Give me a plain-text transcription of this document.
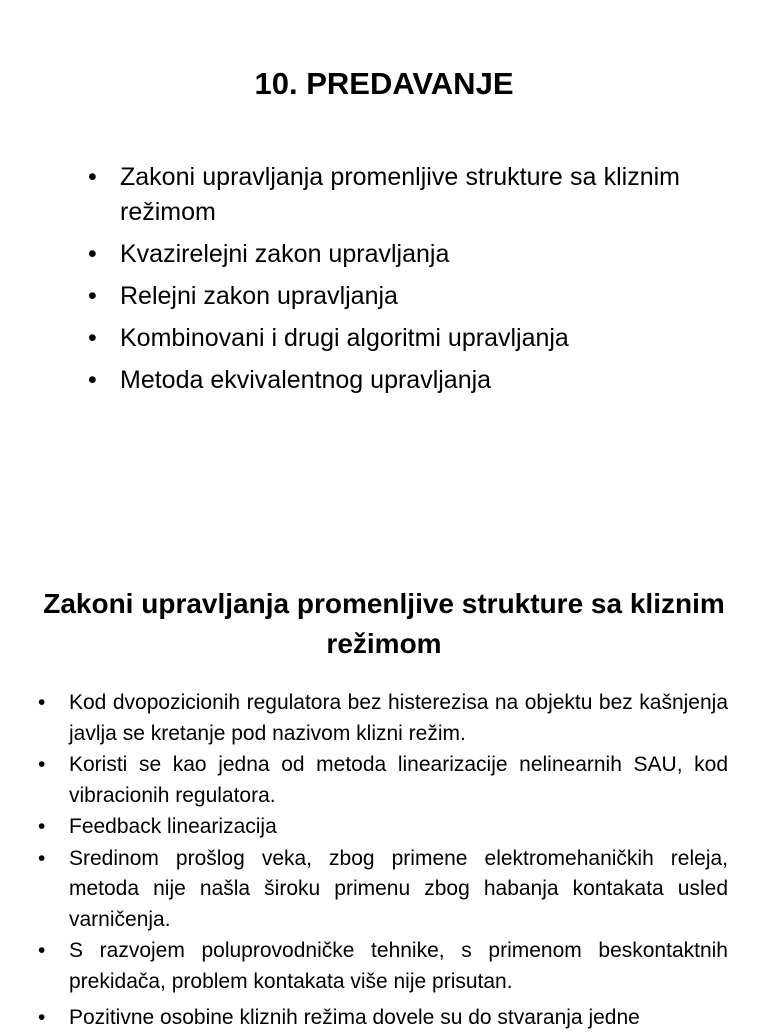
10. PREDAVANJE
• Zakoni upravljanja promenljive strukture sa kliznim režimom
• Kvazirelejni zakon upravljanja
• Relejni zakon upravljanja
• Kombinovani i drugi algoritmi upravljanja
• Metoda ekvivalentnog upravljanja
Zakoni upravljanja promenljive strukture sa kliznim režimom
• Kod dvopozicionih regulatora bez histerezisa na objektu bez kašnjenja javlja se kretanje pod nazivom klizni režim.
• Koristi se kao jedna od metoda linearizacije nelinearnih SAU, kod vibracionih regulatora.
• Feedback linearizacija
• Sredinom prošlog veka, zbog primene elektromehaničkih releja, metoda nije našla široku primenu zbog habanja kontakata usled varničenja.
• S razvojem poluprovodničke tehnike, s primenom beskontaktnih prekidača, problem kontakata više nije prisutan.
• Pozitivne osobine kliznih režima dovele su do stvaranja jedne
